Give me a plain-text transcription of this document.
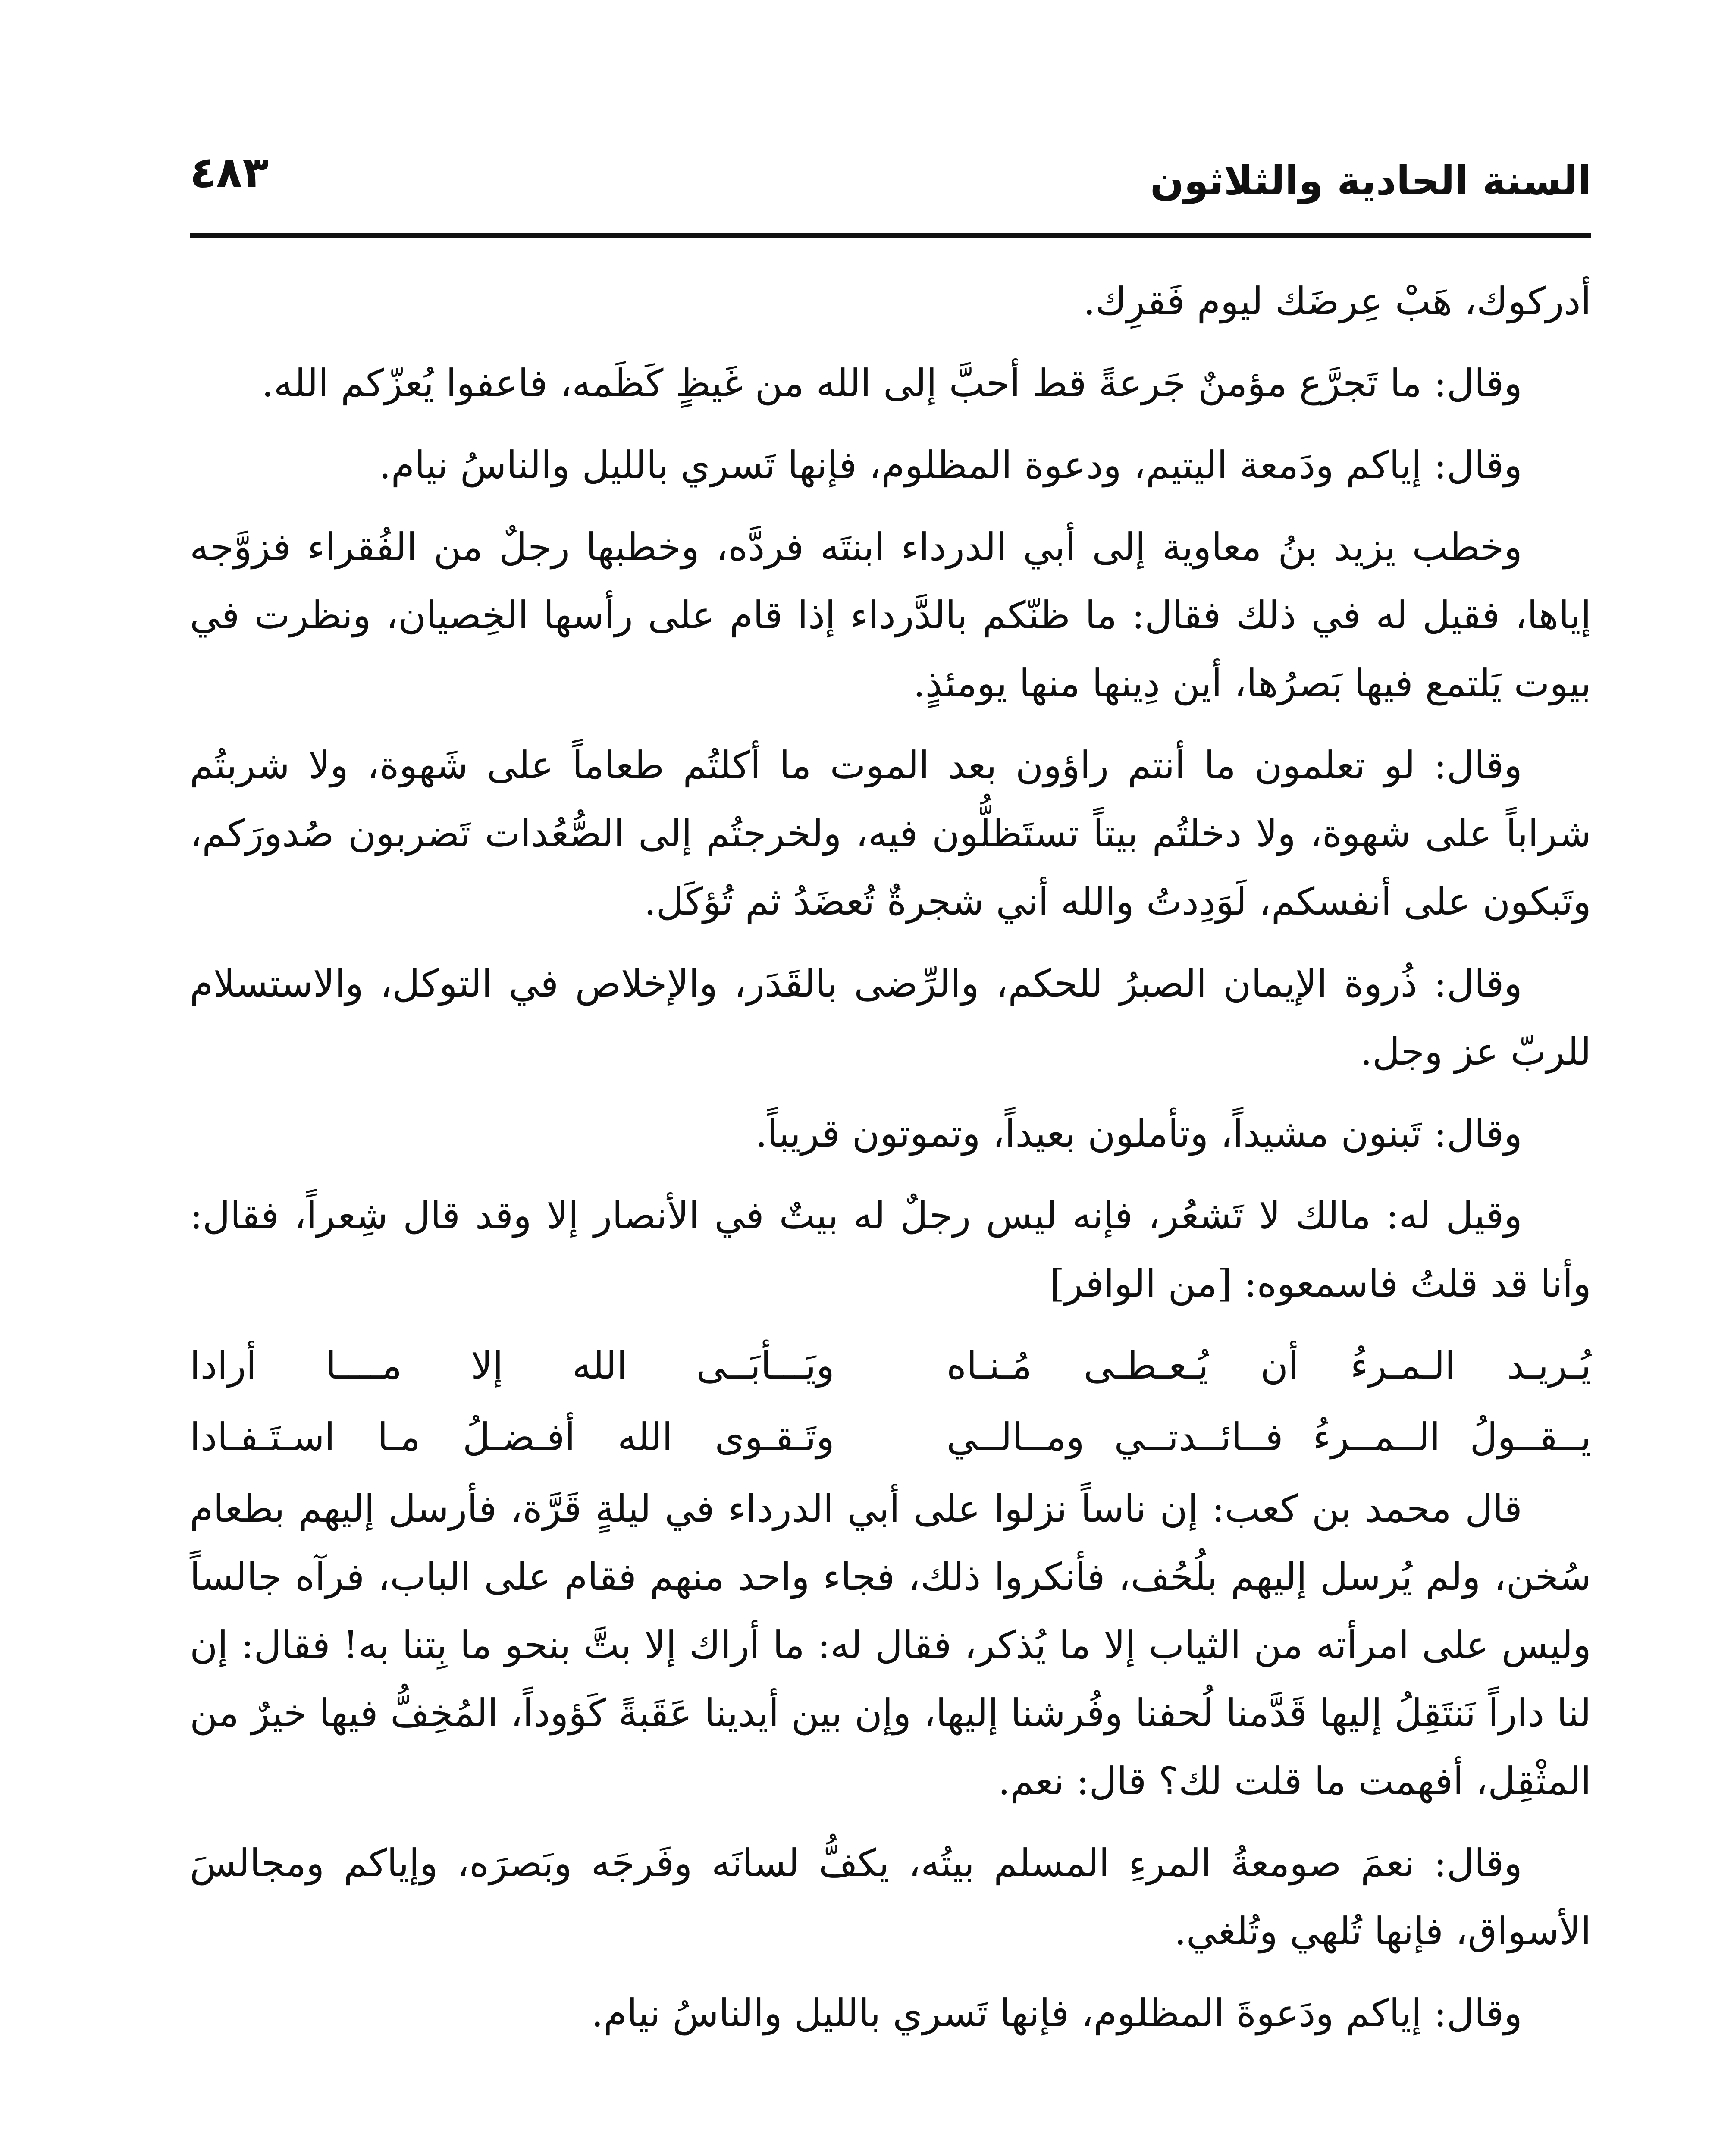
السنة الحادية والثلاثون
٤٨٣

أدركوك، هَبْ عِرضَك ليوم فَقرِك.

وقال: ما تَجرَّع مؤمنٌ جَرعةً قط أحبَّ إلى الله من غَيظٍ كَظَمه، فاعفوا يُعزّكم الله.

وقال: إياكم ودَمعة اليتيم، ودعوة المظلوم، فإنها تَسري بالليل والناسُ نيام.

وخطب يزيد بنُ معاوية إلى أبي الدرداء ابنتَه فردَّه، وخطبها رجلٌ من الفُقراء فزوَّجه إياها، فقيل له في ذلك فقال: ما ظنّكم بالدَّرداء إذا قام على رأسها الخِصيان، ونظرت في بيوت يَلتمع فيها بَصرُها، أين دِينها منها يومئذٍ.

وقال: لو تعلمون ما أنتم راؤون بعد الموت ما أكلتُم طعاماً على شَهوة، ولا شربتُم شراباً على شهوة، ولا دخلتُم بيتاً تستَظلُّون فيه، ولخرجتُم إلى الصُّعُدات تَضربون صُدورَكم، وتَبكون على أنفسكم، لَوَدِدتُ والله أني شجرةٌ تُعضَدُ ثم تُؤكَل.

وقال: ذُروة الإيمان الصبرُ للحكم، والرِّضى بالقَدَر، والإخلاص في التوكل، والاستسلام للربّ عز وجل.

وقال: تَبنون مشيداً، وتأملون بعيداً، وتموتون قريباً.

وقيل له: مالك لا تَشعُر، فإنه ليس رجلٌ له بيتٌ في الأنصار إلا وقد قال شِعراً، فقال: وأنا قد قلتُ فاسمعوه: [من الوافر]

يُـريـد الـمـرءُ أن يُـعـطـى مُـنـاه
ويَـــأبَــى الله إلا مــــا أرادا
يــقــولُ الــمــرءُ فــائــدتــي ومــالــي
وتَـقـوى الله أفـضـلُ مـا اسـتَـفـادا

قال محمد بن كعب: إن ناساً نزلوا على أبي الدرداء في ليلةٍ قَرَّة، فأرسل إليهم بطعام سُخن، ولم يُرسل إليهم بلُحُف، فأنكروا ذلك، فجاء واحد منهم فقام على الباب، فرآه جالساً وليس على امرأته من الثياب إلا ما يُذكر، فقال له: ما أراك إلا بتَّ بنحو ما بِتنا به! فقال: إن لنا داراً نَنتَقِلُ إليها قَدَّمنا لُحفنا وفُرشنا إليها، وإن بين أيدينا عَقَبةً كَؤوداً، المُخِفُّ فيها خيرٌ من المثْقِل، أفهمت ما قلت لك؟ قال: نعم.

وقال: نعمَ صومعةُ المرءِ المسلم بيتُه، يكفُّ لسانَه وفَرجَه وبَصرَه، وإياكم ومجالسَ الأسواق، فإنها تُلهي وتُلغي.

وقال: إياكم ودَعوةَ المظلوم، فإنها تَسري بالليل والناسُ نيام.
